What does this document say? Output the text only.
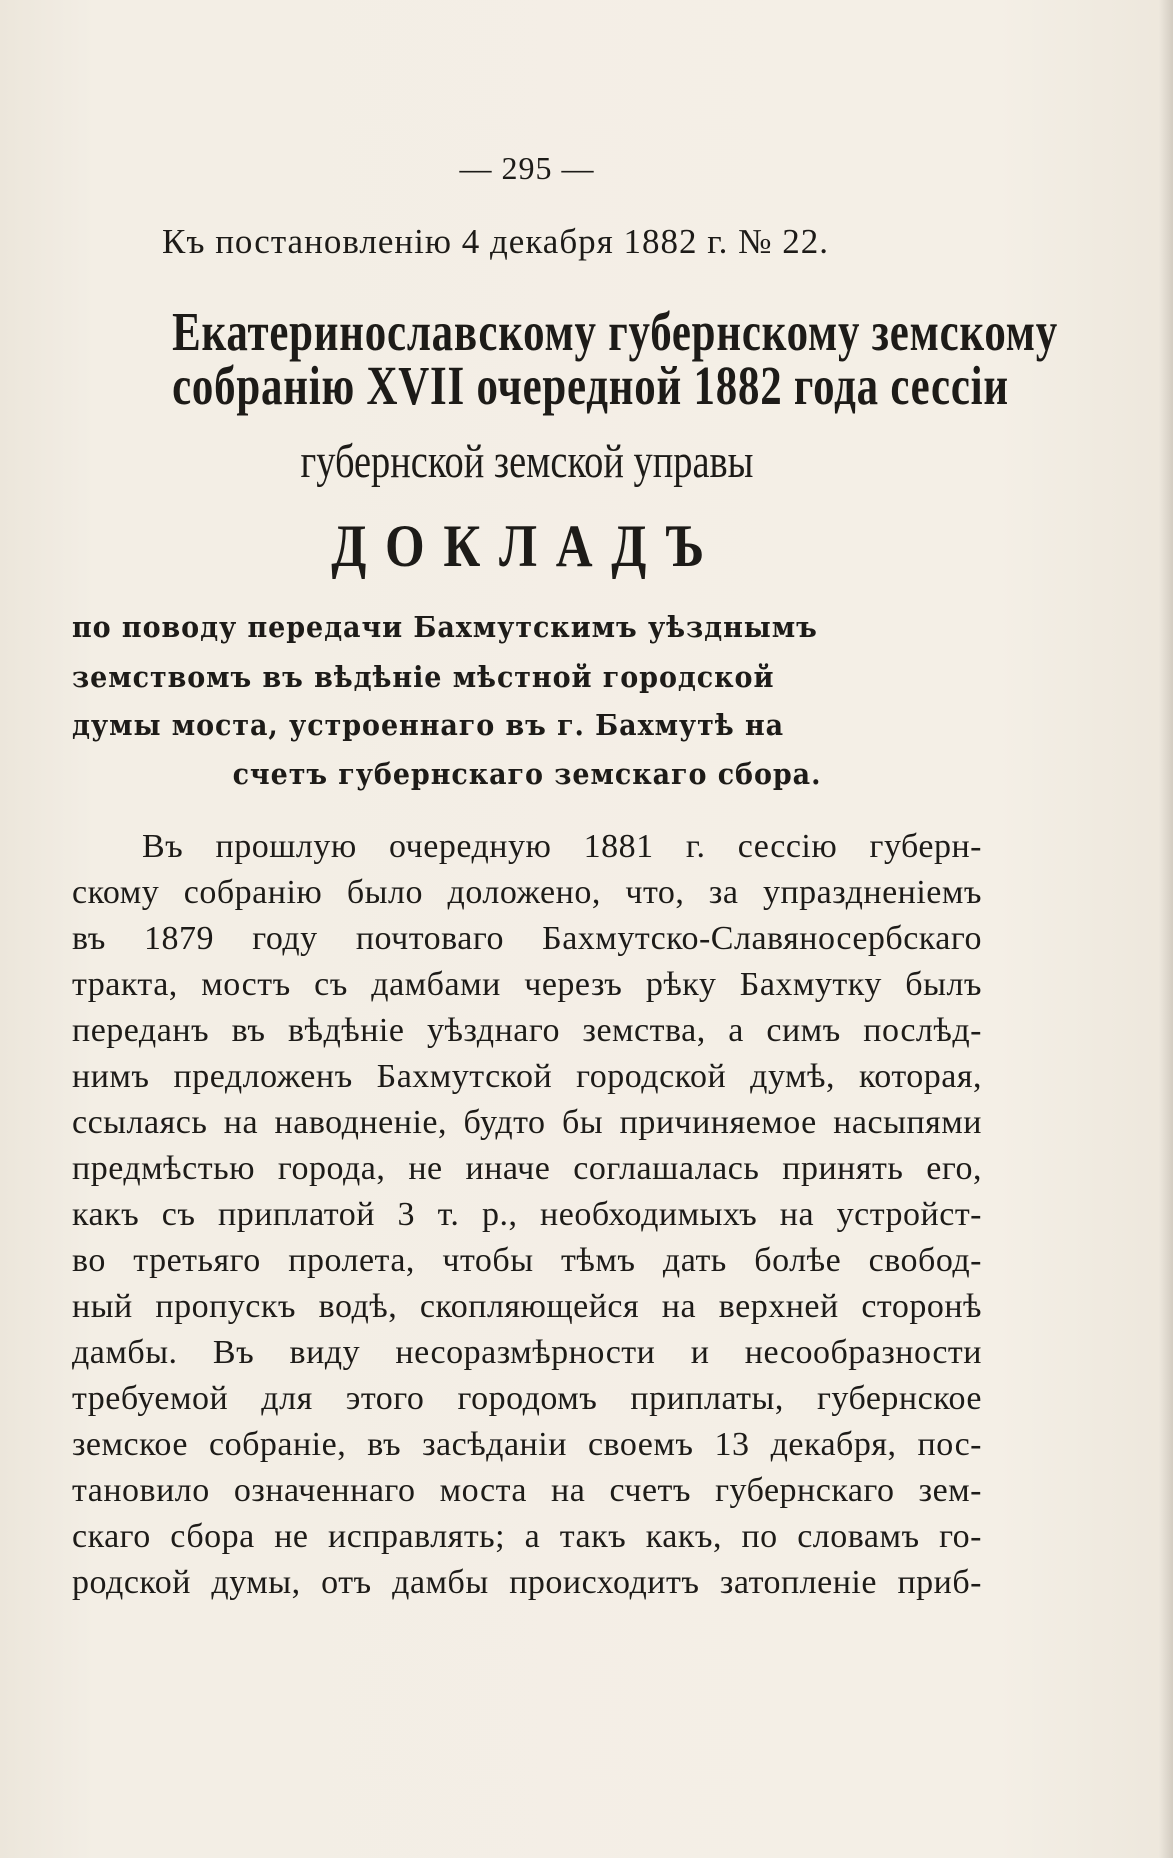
— 295 —

Къ постановленію 4 декабря 1882 г. № 22.

Екатеринославскому губернскому земскому

собранію XVII очередной 1882 года сессіи

губернской земской управы

ДОКЛАДЪ

по поводу передачи Бахмутскимъ уѣзднымъ

земствомъ въ вѣдѣніе мѣстной городской

думы моста, устроеннаго въ г. Бахмутѣ на

счетъ губернскаго земскаго сбора.

Въ прошлую очередную 1881 г. сессію губерн-

скому собранію было доложено, что, за упраздненіемъ

въ 1879 году почтоваго Бахмутско-Славяносербскаго

тракта, мостъ съ дамбами черезъ рѣку Бахмутку былъ

переданъ въ вѣдѣніе уѣзднаго земства, а симъ послѣд-

нимъ предложенъ Бахмутской городской думѣ, которая,

ссылаясь на наводненіе, будто бы причиняемое насыпями

предмѣстью города, не иначе соглашалась принять его,

какъ съ приплатой 3 т. р., необходимыхъ на устройст-

во третьяго пролета, чтобы тѣмъ дать болѣе свобод-

ный пропускъ водѣ, скопляющейся на верхней сторонѣ

дамбы. Въ виду несоразмѣрности и несообразности

требуемой для этого городомъ приплаты, губернское

земское собраніе, въ засѣданіи своемъ 13 декабря, пос-

тановило означеннаго моста на счетъ губернскаго зем-

скаго сбора не исправлять; а такъ какъ, по словамъ го-

родской думы, отъ дамбы происходитъ затопленіе приб-
